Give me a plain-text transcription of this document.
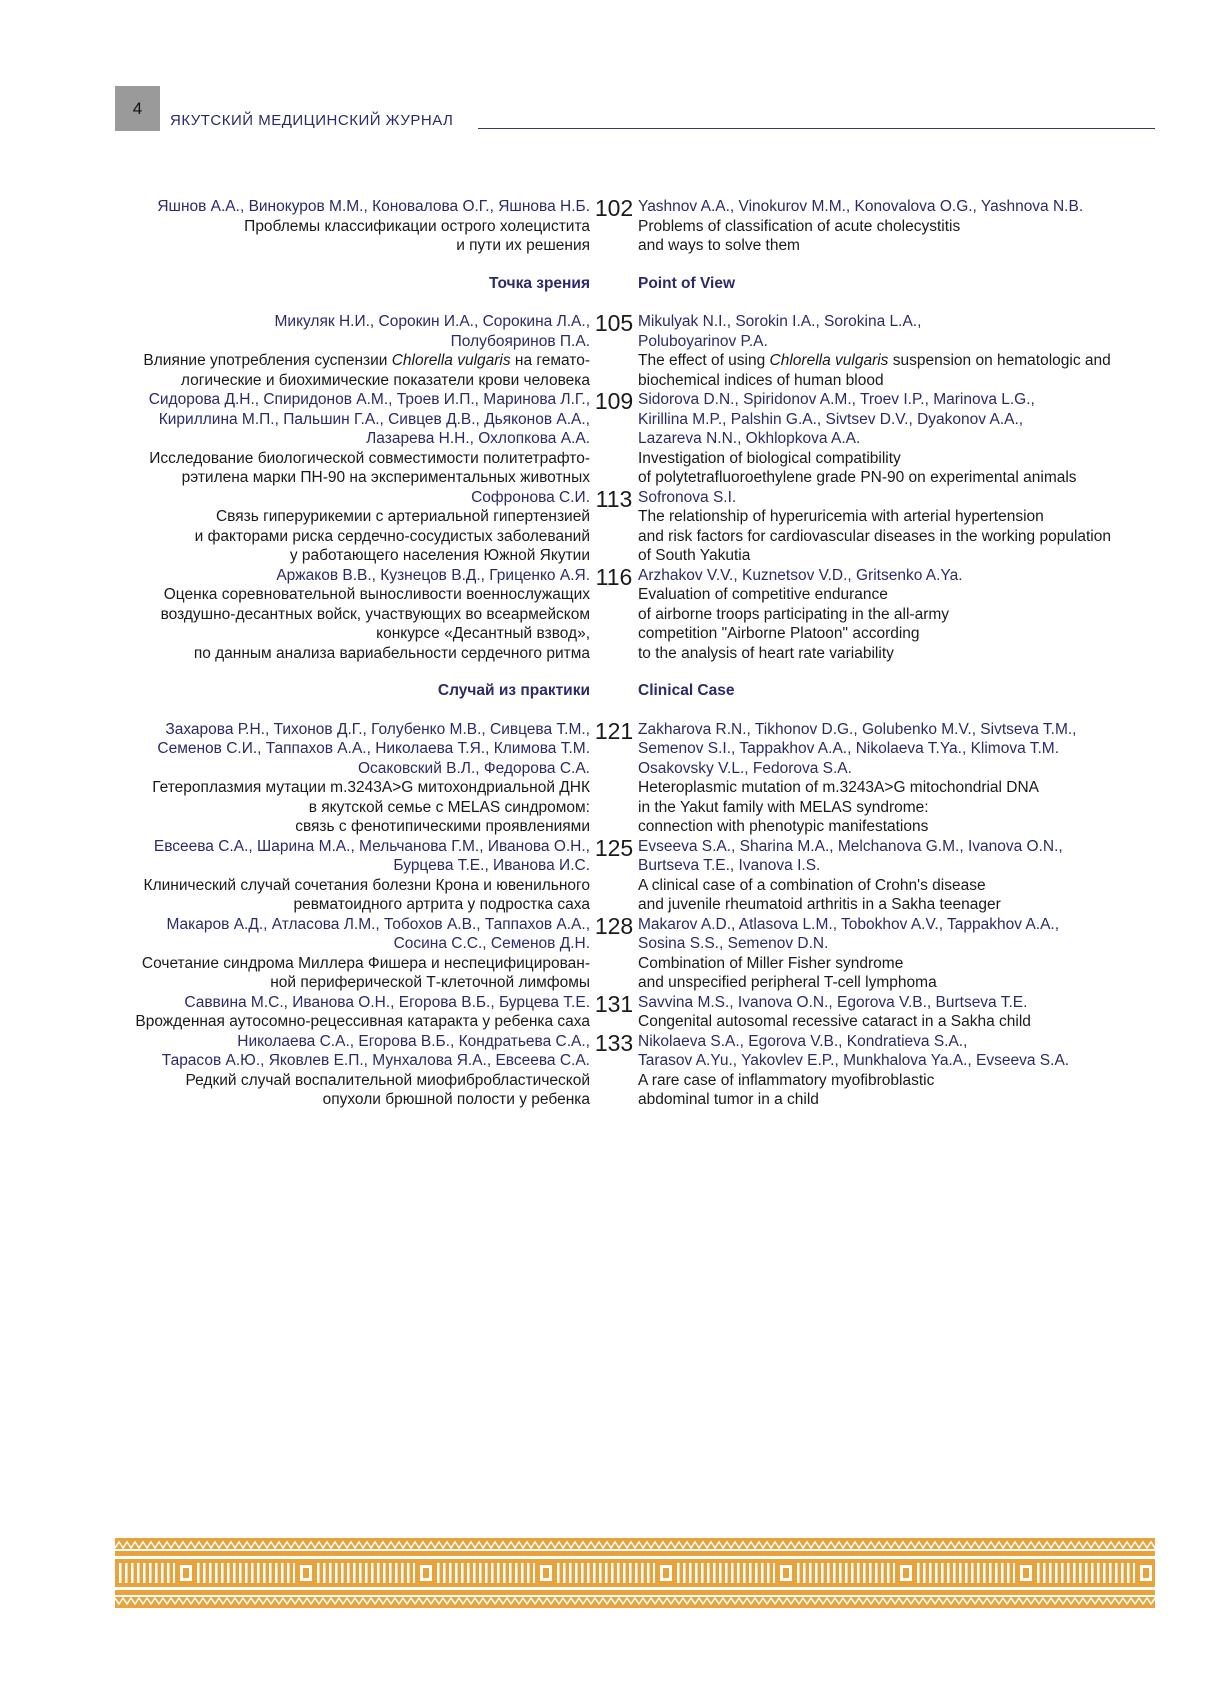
4
ЯКУТСКИЙ МЕДИЦИНСКИЙ ЖУРНАЛ
Яшнов А.А., Винокуров М.М., Коновалова О.Г., Яшнова Н.Б.
Проблемы классификации острого холецистита
и пути их решения
102 Yashnov A.A., Vinokurov M.M., Konovalova O.G., Yashnova N.B.
Problems of classification of acute cholecystitis
and ways to solve them
Точка зрения	Point of View
Микуляк Н.И., Сорокин И.А., Сорокина Л.А.,
Полубояринов П.А.
Влияние употребления суспензии Chlorella vulgaris на гемато-
логические и биохимические показатели крови человека
105 Mikulyak N.I., Sorokin I.A., Sorokina L.A.,
Poluboyarinov P.A.
The effect of using Chlorella vulgaris suspension on hematologic and
biochemical indices of human blood
Сидорова Д.Н., Спиридонов А.М., Троев И.П., Маринова Л.Г.,
Кириллина М.П., Пальшин Г.А., Сивцев Д.В., Дьяконов А.А.,
Лазарева Н.Н., Охлопкова А.А.
Исследование биологической совместимости политетрафто-
рэтилена марки ПН-90 на экспериментальных животных
109 Sidorova D.N., Spiridonov A.M., Troev I.P., Marinova L.G.,
Kirillina M.P., Palshin G.A., Sivtsev D.V., Dyakonov A.A.,
Lazareva N.N., Okhlopkova A.A.
Investigation of biological compatibility
of polytetrafluoroethylene grade PN-90 on experimental animals
Софронова С.И.
Связь гиперурикемии с артериальной гипертензией
и факторами риска сердечно-сосудистых заболеваний
у работающего населения Южной Якутии
113 Sofronova S.I.
The relationship of hyperuricemia with arterial hypertension
and risk factors for cardiovascular diseases in the working population
of South Yakutia
Аржаков В.В., Кузнецов В.Д., Гриценко А.Я.
Оценка соревновательной выносливости военнослужащих
воздушно-десантных войск, участвующих во всеармейском
конкурсе «Десантный взвод»,
по данным анализа вариабельности сердечного ритма
116 Arzhakov V.V., Kuznetsov V.D., Gritsenko A.Ya.
Evaluation of competitive endurance
of airborne troops participating in the all-army
competition "Airborne Platoon" according
to the analysis of heart rate variability
Случай из практики	Clinical Case
Захарова Р.Н., Тихонов Д.Г., Голубенко М.В., Сивцева Т.М.,
Семенов С.И., Таппахов А.А., Николаева Т.Я., Климова Т.М.
Осаковский В.Л., Федорова С.А.
Гетероплазмия мутации m.3243A>G митохондриальной ДНК
в якутской семье с MELAS синдромом:
связь с фенотипическими проявлениями
121 Zakharova R.N., Tikhonov D.G., Golubenko M.V., Sivtseva T.M.,
Semenov S.I., Tappakhov A.A., Nikolaeva T.Ya., Klimova T.M.
Osakovsky V.L., Fedorova S.A.
Heteroplasmic mutation of m.3243A>G mitochondrial DNA
in the Yakut family with MELAS syndrome:
connection with phenotypic manifestations
Евсеева С.А., Шарина М.А., Мельчанова Г.М., Иванова О.Н.,
Бурцева Т.Е., Иванова И.С.
Клинический случай сочетания болезни Крона и ювенильного
ревматоидного артрита у подростка саха
125 Evseeva S.A., Sharina M.A., Melchanova G.M., Ivanova O.N.,
Burtseva T.E., Ivanova I.S.
A clinical case of a combination of Crohn's disease
and juvenile rheumatoid arthritis in a Sakha teenager
Макаров А.Д., Атласова Л.М., Тобохов А.В., Таппахов А.А.,
Сосина С.С., Семенов Д.Н.
Сочетание синдрома Миллера Фишера и неспецифицирован-
ной периферической Т-клеточной лимфомы
128 Makarov A.D., Atlasova L.M., Tobokhov A.V., Tappakhov A.A.,
Sosina S.S., Semenov D.N.
Combination of Miller Fisher syndrome
and unspecified peripheral T-cell lymphoma
Саввина М.С., Иванова О.Н., Егорова В.Б., Бурцева Т.Е.
Врожденная аутосомно-рецессивная катаракта у ребенка саха
131 Savvina M.S., Ivanova O.N., Egorova V.B., Burtseva T.E.
Congenital autosomal recessive cataract in a Sakha child
Николаева С.А., Егорова В.Б., Кондратьева С.А.,
Тарасов А.Ю., Яковлев Е.П., Мунхалова Я.А., Евсеева С.А.
Редкий случай воспалительной миофибробластической
опухоли брюшной полости у ребенка
133 Nikolaeva S.A., Egorova V.B., Kondratieva S.A.,
Tarasov A.Yu., Yakovlev E.P., Munkhalova Ya.A., Evseeva S.A.
A rare case of inflammatory myofibroblastic
abdominal tumor in a child
